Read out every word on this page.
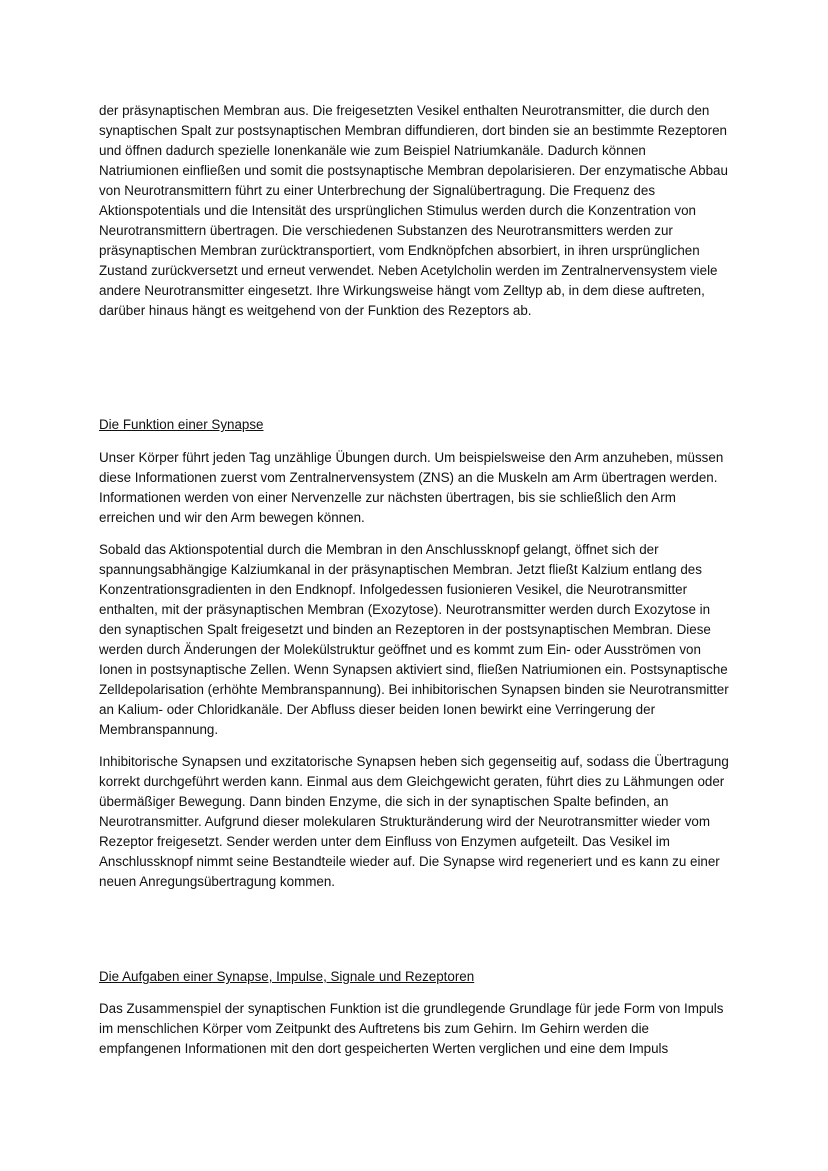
der präsynaptischen Membran aus. Die freigesetzten Vesikel enthalten Neurotransmitter, die durch den synaptischen Spalt zur postsynaptischen Membran diffundieren, dort binden sie an bestimmte Rezeptoren und öffnen dadurch spezielle Ionenkanäle wie zum Beispiel Natriumkanäle. Dadurch können Natriumionen einfließen und somit die postsynaptische Membran depolarisieren. Der enzymatische Abbau von Neurotransmittern führt zu einer Unterbrechung der Signalübertragung. Die Frequenz des Aktionspotentials und die Intensität des ursprünglichen Stimulus werden durch die Konzentration von Neurotransmittern übertragen. Die verschiedenen Substanzen des Neurotransmitters werden zur präsynaptischen Membran zurücktransportiert, vom Endknöpfchen absorbiert, in ihren ursprünglichen Zustand zurückversetzt und erneut verwendet. Neben Acetylcholin werden im Zentralnervensystem viele andere Neurotransmitter eingesetzt. Ihre Wirkungsweise hängt vom Zelltyp ab, in dem diese auftreten, darüber hinaus hängt es weitgehend von der Funktion des Rezeptors ab.

Die Funktion einer Synapse

Unser Körper führt jeden Tag unzählige Übungen durch. Um beispielsweise den Arm anzuheben, müssen diese Informationen zuerst vom Zentralnervensystem (ZNS) an die Muskeln am Arm übertragen werden. Informationen werden von einer Nervenzelle zur nächsten übertragen, bis sie schließlich den Arm erreichen und wir den Arm bewegen können.

Sobald das Aktionspotential durch die Membran in den Anschlussknopf gelangt, öffnet sich der spannungsabhängige Kalziumkanal in der präsynaptischen Membran. Jetzt fließt Kalzium entlang des Konzentrationsgradienten in den Endknopf. Infolgedessen fusionieren Vesikel, die Neurotransmitter enthalten, mit der präsynaptischen Membran (Exozytose). Neurotransmitter werden durch Exozytose in den synaptischen Spalt freigesetzt und binden an Rezeptoren in der postsynaptischen Membran. Diese werden durch Änderungen der Molekülstruktur geöffnet und es kommt zum Ein- oder Ausströmen von Ionen in postsynaptische Zellen. Wenn Synapsen aktiviert sind, fließen Natriumionen ein. Postsynaptische Zelldepolarisation (erhöhte Membranspannung). Bei inhibitorischen Synapsen binden sie Neurotransmitter an Kalium- oder Chloridkanäle. Der Abfluss dieser beiden Ionen bewirkt eine Verringerung der Membranspannung.

Inhibitorische Synapsen und exzitatorische Synapsen heben sich gegenseitig auf, sodass die Übertragung korrekt durchgeführt werden kann. Einmal aus dem Gleichgewicht geraten, führt dies zu Lähmungen oder übermäßiger Bewegung. Dann binden Enzyme, die sich in der synaptischen Spalte befinden, an Neurotransmitter. Aufgrund dieser molekularen Strukturänderung wird der Neurotransmitter wieder vom Rezeptor freigesetzt. Sender werden unter dem Einfluss von Enzymen aufgeteilt. Das Vesikel im Anschlussknopf nimmt seine Bestandteile wieder auf. Die Synapse wird regeneriert und es kann zu einer neuen Anregungsübertragung kommen.

Die Aufgaben einer Synapse, Impulse, Signale und Rezeptoren

Das Zusammenspiel der synaptischen Funktion ist die grundlegende Grundlage für jede Form von Impuls im menschlichen Körper vom Zeitpunkt des Auftretens bis zum Gehirn. Im Gehirn werden die empfangenen Informationen mit den dort gespeicherten Werten verglichen und eine dem Impuls
